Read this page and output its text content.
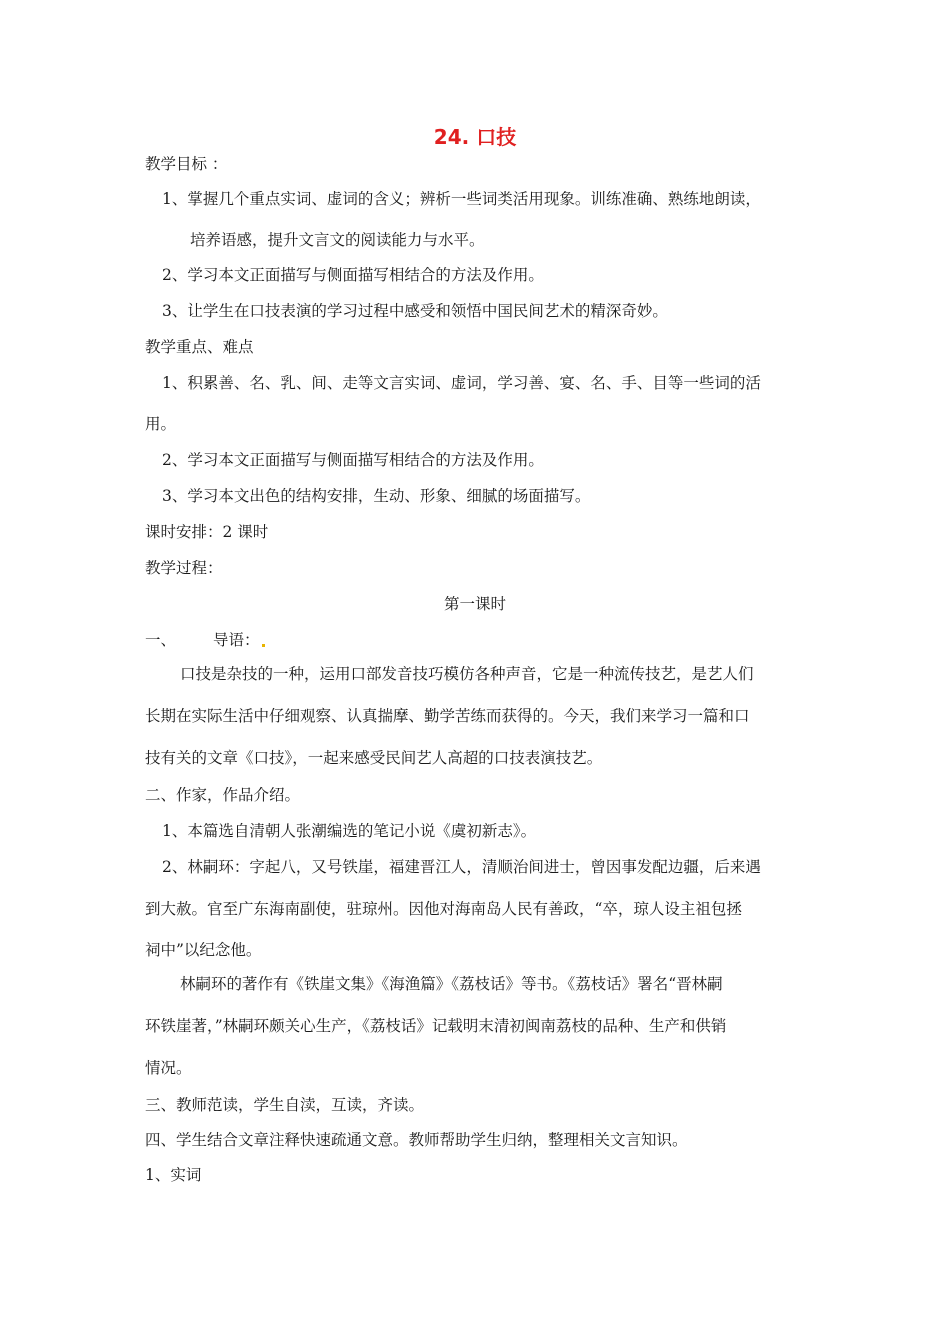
24. 口技
教学目标 ：
1、掌握几个重点实词、虚词的含义；辨析一些词类活用现象。训练准确、熟练地朗读，
培养语感，提升文言文的阅读能力与水平。
2、学习本文正面描写与侧面描写相结合的方法及作用。
3、让学生在口技表演的学习过程中感受和领悟中国民间艺术的精深奇妙。
教学重点、难点
1、积累善、名、乳、间、走等文言实词、虚词，学习善、宴、名、手、目等一些词的活
用。
2、学习本文正面描写与侧面描写相结合的方法及作用。
3、学习本文出色的结构安排，生动、形象、细腻的场面描写。
课时安排：2 课时
教学过程：
第一课时
一、 导语：
口技是杂技的一种，运用口部发音技巧模仿各种声音，它是一种流传技艺，是艺人们
长期在实际生活中仔细观察、认真揣摩、勤学苦练而获得的。今天，我们来学习一篇和口
技有关的文章《口技》，一起来感受民间艺人高超的口技表演技艺。
二、作家，作品介绍。
1、本篇选自清朝人张潮编选的笔记小说《虞初新志》。
2、林嗣环：字起八，又号铁崖，福建晋江人，清顺治间进士，曾因事发配边疆，后来遇
到大赦。官至广东海南副使，驻琼州。因他对海南岛人民有善政，“卒，琼人设主祖包拯
祠中”以纪念他。
林嗣环的著作有《铁崖文集》《海渔篇》《荔枝话》等书。《荔枝话》署名“晋林嗣
环铁崖著，”林嗣环颇关心生产，《荔枝话》记载明末清初闽南荔枝的品种、生产和供销
情况。
三、教师范读，学生自渎，互读，齐读。
四、学生结合文章注释快速疏通文意。教师帮助学生归纳，整理相关文言知识。
1、实词
